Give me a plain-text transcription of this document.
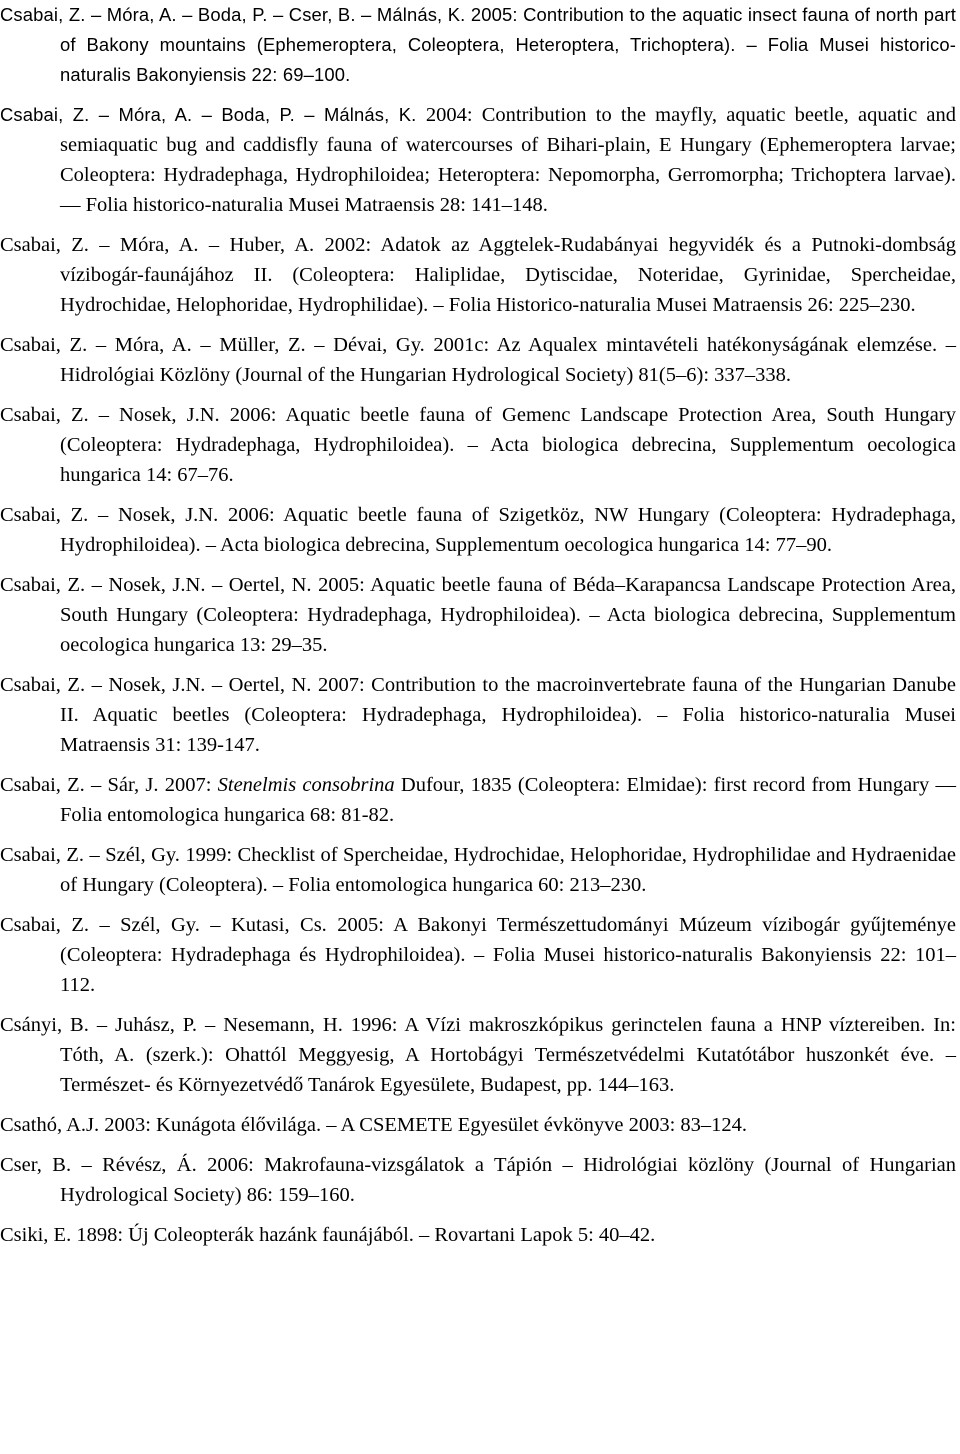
Csabai, Z. – Móra, A. – Boda, P. – Cser, B. – Málnás, K. 2005: Contribution to the aquatic insect fauna of north part of Bakony mountains (Ephemeroptera, Coleoptera, Heteroptera, Trichoptera). – Folia Musei historico-naturalis Bakonyiensis 22: 69–100.

Csabai, Z. – Móra, A. – Boda, P. – Málnás, K. 2004: Contribution to the mayfly, aquatic beetle, aquatic and semiaquatic bug and caddisfly fauna of watercourses of Bihari-plain, E Hungary (Ephemeroptera larvae; Coleoptera: Hydradephaga, Hydrophiloidea; Heteroptera: Nepomorpha, Gerromorpha; Trichoptera larvae). –– Folia historico-naturalia Musei Matraensis 28: 141–148.

Csabai, Z. – Móra, A. – Huber, A. 2002: Adatok az Aggtelek-Rudabányai hegyvidék és a Putnoki-dombság vízibogár-faunájához II. (Coleoptera: Haliplidae, Dytiscidae, Noteridae, Gyrinidae, Spercheidae, Hydrochidae, Helophoridae, Hydrophilidae). – Folia Historico-naturalia Musei Matraensis 26: 225–230.

Csabai, Z. – Móra, A. – Müller, Z. – Dévai, Gy. 2001c: Az Aqualex mintavételi hatékonyságának elemzése. – Hidrológiai Közlöny (Journal of the Hungarian Hydrological Society) 81(5–6): 337–338.

Csabai, Z. – Nosek, J.N. 2006: Aquatic beetle fauna of Gemenc Landscape Protection Area, South Hungary (Coleoptera: Hydradephaga, Hydrophiloidea). – Acta biologica debrecina, Supplementum oecologica hungarica 14: 67–76.

Csabai, Z. – Nosek, J.N. 2006: Aquatic beetle fauna of Szigetköz, NW Hungary (Coleoptera: Hydradephaga, Hydrophiloidea). – Acta biologica debrecina, Supplementum oecologica hungarica 14: 77–90.

Csabai, Z. – Nosek, J.N. – Oertel, N. 2005: Aquatic beetle fauna of Béda–Karapancsa Landscape Protection Area, South Hungary (Coleoptera: Hydradephaga, Hydrophiloidea). – Acta biologica debrecina, Supplementum oecologica hungarica 13: 29–35.

Csabai, Z. – Nosek, J.N. – Oertel, N. 2007: Contribution to the macroinvertebrate fauna of the Hungarian Danube II. Aquatic beetles (Coleoptera: Hydradephaga, Hydrophiloidea). – Folia historico-naturalia Musei Matraensis 31: 139-147.

Csabai, Z. – Sár, J. 2007: Stenelmis consobrina Dufour, 1835 (Coleoptera: Elmidae): first record from Hungary –– Folia entomologica hungarica 68: 81-82.

Csabai, Z. – Szél, Gy. 1999: Checklist of Spercheidae, Hydrochidae, Helophoridae, Hydrophilidae and Hydraenidae of Hungary (Coleoptera). – Folia entomologica hungarica 60: 213–230.

Csabai, Z. – Szél, Gy. – Kutasi, Cs. 2005: A Bakonyi Természettudományi Múzeum vízibogár gyűjteménye (Coleoptera: Hydradephaga és Hydrophiloidea). – Folia Musei historico-naturalis Bakonyiensis 22: 101–112.

Csányi, B. – Juhász, P. – Nesemann, H. 1996: A Vízi makroszkópikus gerinctelen fauna a HNP víztereiben. In: Tóth, A. (szerk.): Ohattól Meggyesig, A Hortobágyi Természetvédelmi Kutatótábor huszonkét éve. – Természet- és Környezetvédő Tanárok Egyesülete, Budapest, pp. 144–163.

Csathó, A.J. 2003: Kunágota élővilága. – A CSEMETE Egyesület évkönyve 2003: 83–124.

Cser, B. – Révész, Á. 2006: Makrofauna-vizsgálatok a Tápión – Hidrológiai közlöny (Journal of Hungarian Hydrological Society) 86: 159–160.

Csiki, E. 1898: Új Coleopterák hazánk faunájából. – Rovartani Lapok 5: 40–42.
